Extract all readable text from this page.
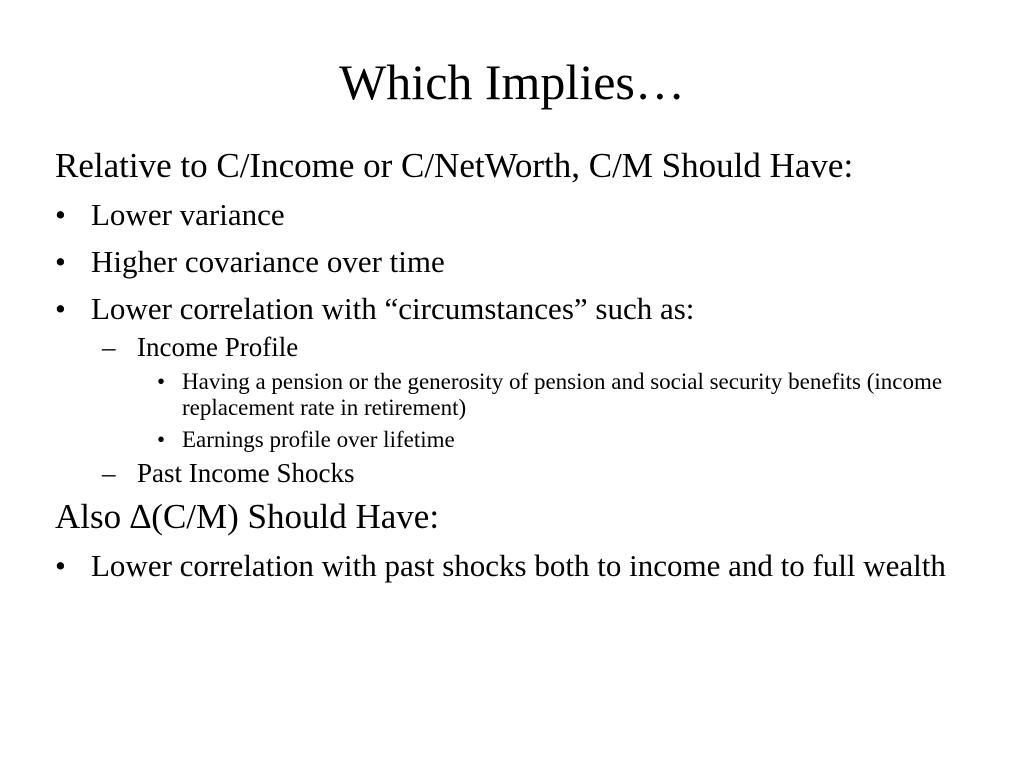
Which Implies…
Relative to C/Income or C/NetWorth, C/M Should Have:
• Lower variance
• Higher covariance over time
• Lower correlation with “circumstances” such as:
– Income Profile
• Having a pension or the generosity of pension and social security benefits (income replacement rate in retirement)
• Earnings profile over lifetime
– Past Income Shocks
Also ∆(C/M) Should Have:
• Lower correlation with past shocks both to income and to full wealth
